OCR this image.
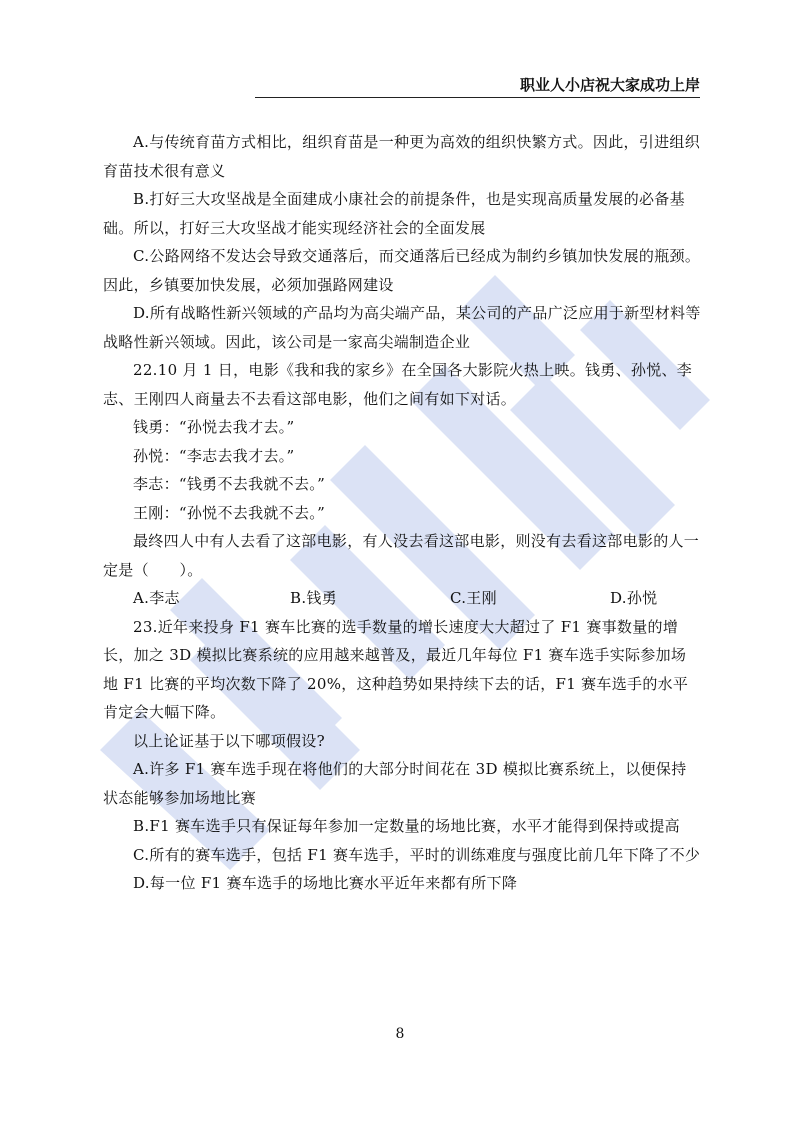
职业人小店祝大家成功上岸

A.与传统育苗方式相比，组织育苗是一种更为高效的组织快繁方式。因此，引进组织育苗技术很有意义

B.打好三大攻坚战是全面建成小康社会的前提条件，也是实现高质量发展的必备基础。所以，打好三大攻坚战才能实现经济社会的全面发展

C.公路网络不发达会导致交通落后，而交通落后已经成为制约乡镇加快发展的瓶颈。因此，乡镇要加快发展，必须加强路网建设

D.所有战略性新兴领域的产品均为高尖端产品，某公司的产品广泛应用于新型材料等战略性新兴领域。因此，该公司是一家高尖端制造企业

22.10 月 1 日，电影《我和我的家乡》在全国各大影院火热上映。钱勇、孙悦、李志、王刚四人商量去不去看这部电影，他们之间有如下对话。

钱勇：“孙悦去我才去。”

孙悦：“李志去我才去。”

李志：“钱勇不去我就不去。”

王刚：“孙悦不去我就不去。”

最终四人中有人去看了这部电影，有人没去看这部电影，则没有去看这部电影的人一定是（　　）。

A.李志	B.钱勇	C.王刚	D.孙悦

23.近年来投身 F1 赛车比赛的选手数量的增长速度大大超过了 F1 赛事数量的增长，加之 3D 模拟比赛系统的应用越来越普及，最近几年每位 F1 赛车选手实际参加场地 F1 比赛的平均次数下降了 20%，这种趋势如果持续下去的话，F1 赛车选手的水平肯定会大幅下降。

以上论证基于以下哪项假设?

A.许多 F1 赛车选手现在将他们的大部分时间花在 3D 模拟比赛系统上，以便保持状态能够参加场地比赛

B.F1 赛车选手只有保证每年参加一定数量的场地比赛，水平才能得到保持或提高

C.所有的赛车选手，包括 F1 赛车选手，平时的训练难度与强度比前几年下降了不少

D.每一位 F1 赛车选手的场地比赛水平近年来都有所下降

8
